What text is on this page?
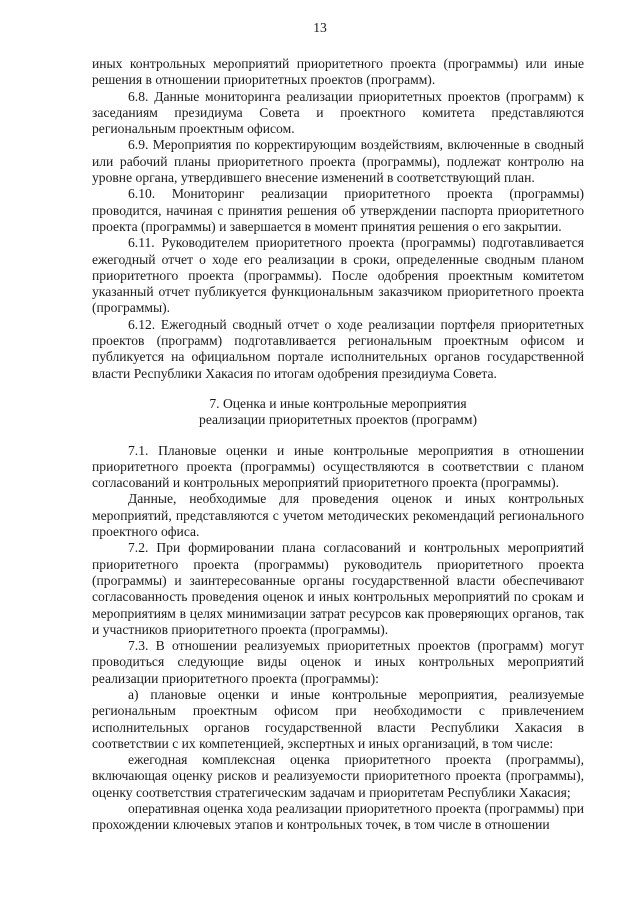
13

иных контрольных мероприятий приоритетного проекта (программы) или иные решения в отношении приоритетных проектов (программ).

6.8. Данные мониторинга реализации приоритетных проектов (программ) к заседаниям президиума Совета и проектного комитета представляются региональным проектным офисом.

6.9. Мероприятия по корректирующим воздействиям, включенные в сводный или рабочий планы приоритетного проекта (программы), подлежат контролю на уровне органа, утвердившего внесение изменений в соответствующий план.

6.10. Мониторинг реализации приоритетного проекта (программы) проводится, начиная с принятия решения об утверждении паспорта приоритетного проекта (программы) и завершается в момент принятия решения о его закрытии.

6.11. Руководителем приоритетного проекта (программы) подготавливается ежегодный отчет о ходе его реализации в сроки, определенные сводным планом приоритетного проекта (программы). После одобрения проектным комитетом указанный отчет публикуется функциональным заказчиком приоритетного проекта (программы).

6.12. Ежегодный сводный отчет о ходе реализации портфеля приоритетных проектов (программ) подготавливается региональным проектным офисом и публикуется на официальном портале исполнительных органов государственной власти Республики Хакасия по итогам одобрения президиума Совета.

7. Оценка и иные контрольные мероприятия
реализации приоритетных проектов (программ)

7.1. Плановые оценки и иные контрольные мероприятия в отношении приоритетного проекта (программы) осуществляются в соответствии с планом согласований и контрольных мероприятий приоритетного проекта (программы).

Данные, необходимые для проведения оценок и иных контрольных мероприятий, представляются с учетом методических рекомендаций регионального проектного офиса.

7.2. При формировании плана согласований и контрольных мероприятий приоритетного проекта (программы) руководитель приоритетного проекта (программы) и заинтересованные органы государственной власти обеспечивают согласованность проведения оценок и иных контрольных мероприятий по срокам и мероприятиям в целях минимизации затрат ресурсов как проверяющих органов, так и участников приоритетного проекта (программы).

7.3. В отношении реализуемых приоритетных проектов (программ) могут проводиться следующие виды оценок и иных контрольных мероприятий реализации приоритетного проекта (программы):

а) плановые оценки и иные контрольные мероприятия, реализуемые региональным проектным офисом при необходимости с привлечением исполнительных органов государственной власти Республики Хакасия в соответствии с их компетенцией, экспертных и иных организаций, в том числе:

ежегодная комплексная оценка приоритетного проекта (программы), включающая оценку рисков и реализуемости приоритетного проекта (программы), оценку соответствия стратегическим задачам и приоритетам Республики Хакасия;

оперативная оценка хода реализации приоритетного проекта (программы) при прохождении ключевых этапов и контрольных точек, в том числе в отношении
